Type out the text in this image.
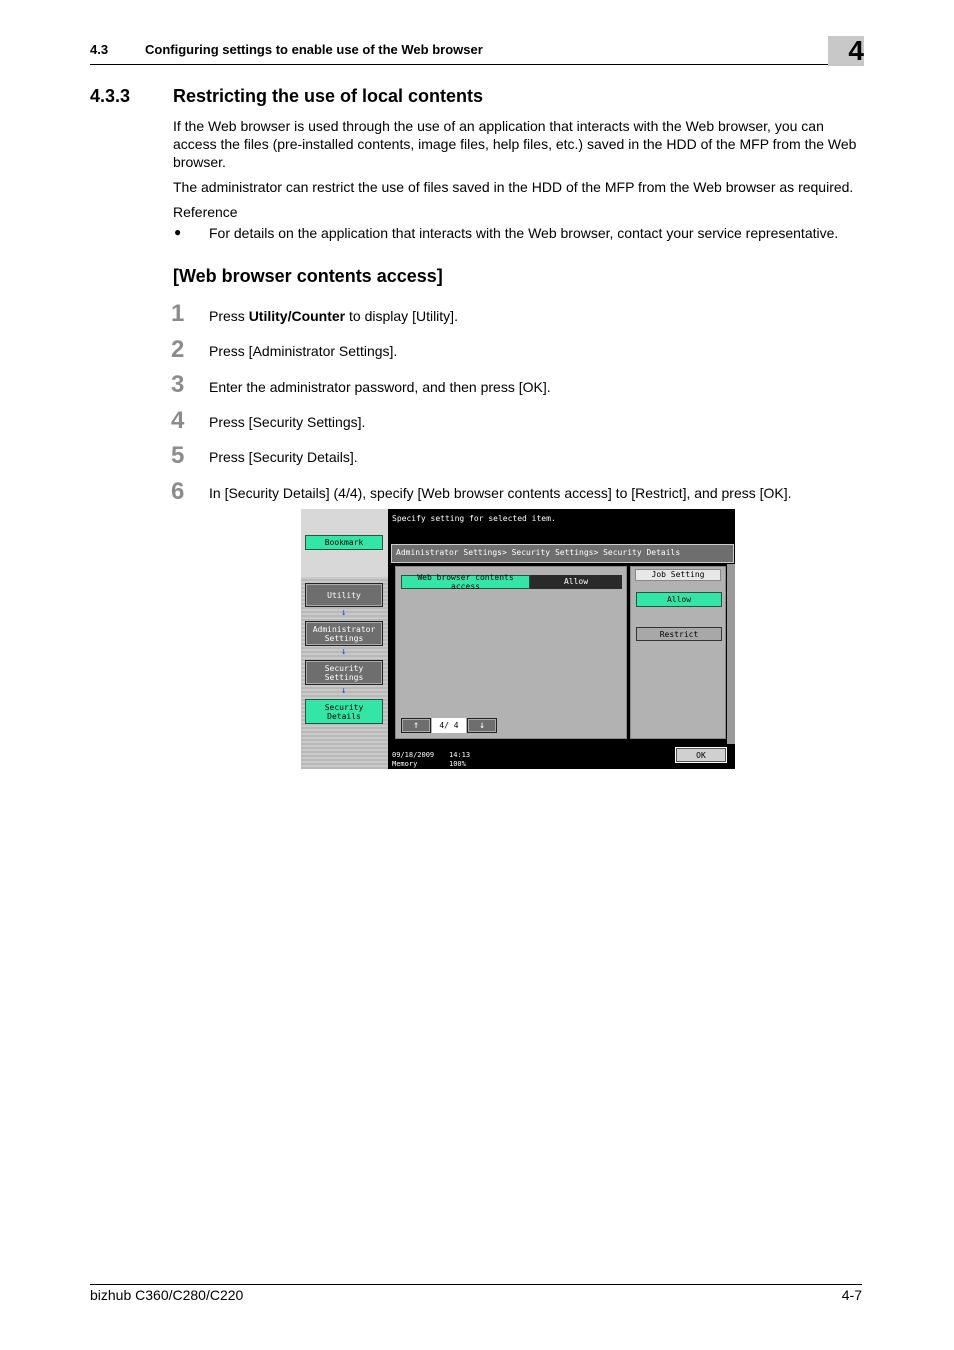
4.3	Configuring settings to enable use of the Web browser	4
4.3.3 Restricting the use of local contents
If the Web browser is used through the use of an application that interacts with the Web browser, you can access the files (pre-installed contents, image files, help files, etc.) saved in the HDD of the MFP from the Web browser.
The administrator can restrict the use of files saved in the HDD of the MFP from the Web browser as required.
Reference
● For details on the application that interacts with the Web browser, contact your service representative.
[Web browser contents access]
1 Press Utility/Counter to display [Utility].
2 Press [Administrator Settings].
3 Enter the administrator password, and then press [OK].
4 Press [Security Settings].
5 Press [Security Details].
6 In [Security Details] (4/4), specify [Web browser contents access] to [Restrict], and press [OK].
Bookmark
Utility
↓
Administrator Settings
↓
Security Settings
↓
Security Details
Specify setting for selected item.
Administrator Settings> Security Settings> Security Details
Web browser contents access
Allow
Job Setting
Allow
Restrict
↑	4/ 4	↓
09/18/2009
Memory
14:13
100%
OK
bizhub C360/C280/C220	4-7
